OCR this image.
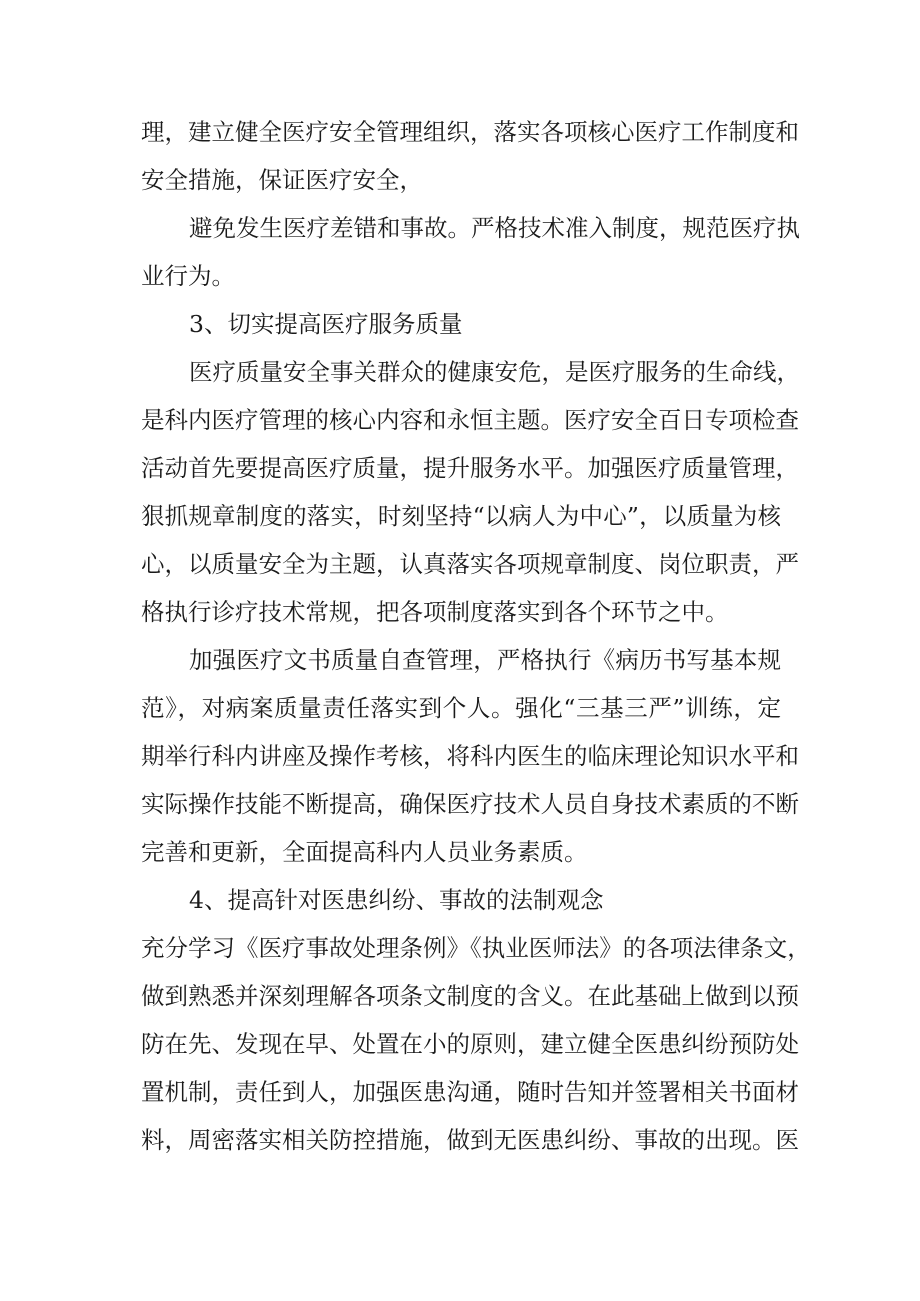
理，建立健全医疗安全管理组织，落实各项核心医疗工作制度和
安全措施，保证医疗安全，
避免发生医疗差错和事故。严格技术准入制度，规范医疗执
业行为。
3、切实提高医疗服务质量
医疗质量安全事关群众的健康安危，是医疗服务的生命线，
是科内医疗管理的核心内容和永恒主题。医疗安全百日专项检查
活动首先要提高医疗质量，提升服务水平。加强医疗质量管理，
狠抓规章制度的落实，时刻坚持“以病人为中心”，以质量为核
心，以质量安全为主题，认真落实各项规章制度、岗位职责，严
格执行诊疗技术常规，把各项制度落实到各个环节之中。
加强医疗文书质量自查管理，严格执行《病历书写基本规
范》，对病案质量责任落实到个人。强化“三基三严”训练，定
期举行科内讲座及操作考核，将科内医生的临床理论知识水平和
实际操作技能不断提高，确保医疗技术人员自身技术素质的不断
完善和更新，全面提高科内人员业务素质。
4、提高针对医患纠纷、事故的法制观念
充分学习《医疗事故处理条例》《执业医师法》的各项法律条文，
做到熟悉并深刻理解各项条文制度的含义。在此基础上做到以预
防在先、发现在早、处置在小的原则，建立健全医患纠纷预防处
置机制，责任到人，加强医患沟通，随时告知并签署相关书面材
料，周密落实相关防控措施，做到无医患纠纷、事故的出现。医
